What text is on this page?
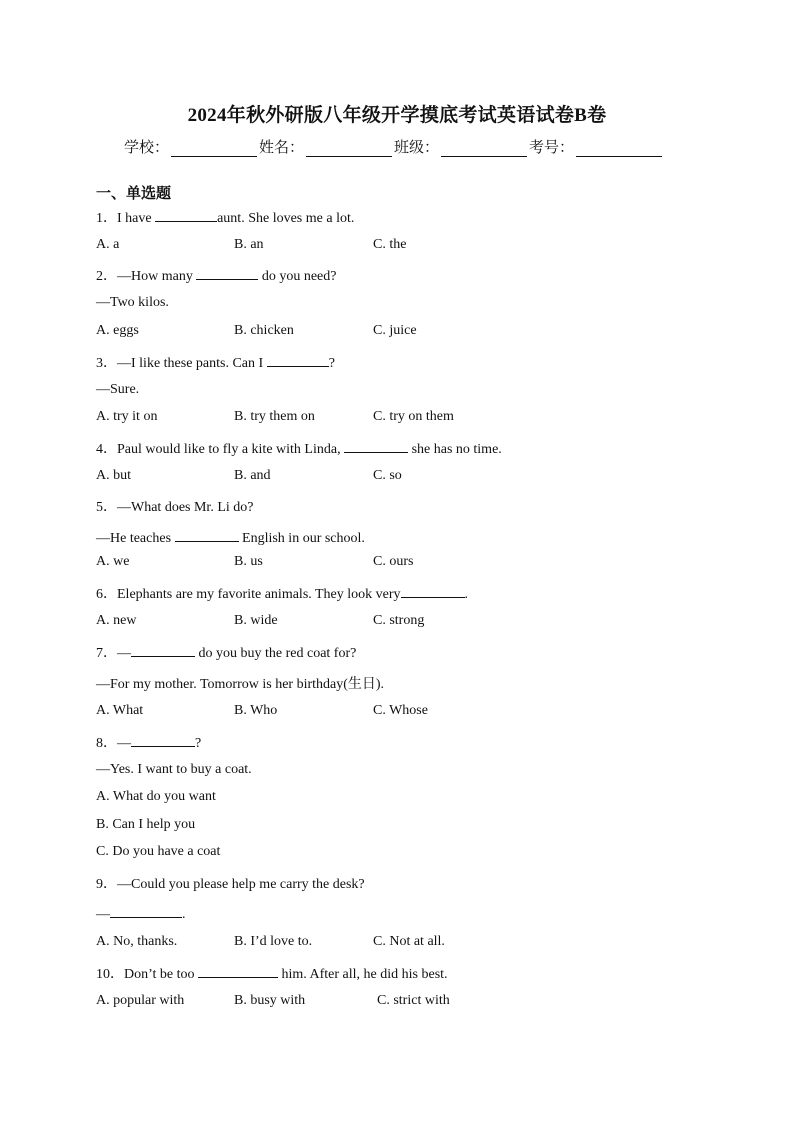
2024年秋外研版八年级开学摸底考试英语试卷B卷
学校：	姓名：	班级：	考号：
一、单选题
1．I have	aunt. She loves me a lot.
A. a	B. an	C. the
2．—How many	do you need?
—Two kilos.
A. eggs	B. chicken	C. juice
3．—I like these pants. Can I	?
—Sure.
A. try it on	B. try them on	C. try on them
4．Paul would like to fly a kite with Linda,	she has no time.
A. but	B. and	C. so
5．—What does Mr. Li do?
—He teaches	English in our school.
A. we	B. us	C. ours
6．Elephants are my favorite animals. They look very	.
A. new	B. wide	C. strong
7．—	do you buy the red coat for?
—For my mother. Tomorrow is her birthday(生日).
A. What	B. Who	C. Whose
8．—	?
—Yes. I want to buy a coat.
A. What do you want
B. Can I help you
C. Do you have a coat
9．—Could you please help me carry the desk?
—	.
A. No, thanks.	B. I’d love to.	C. Not at all.
10．Don’t be too	him. After all, he did his best.
A. popular with	B. busy with	C. strict with
